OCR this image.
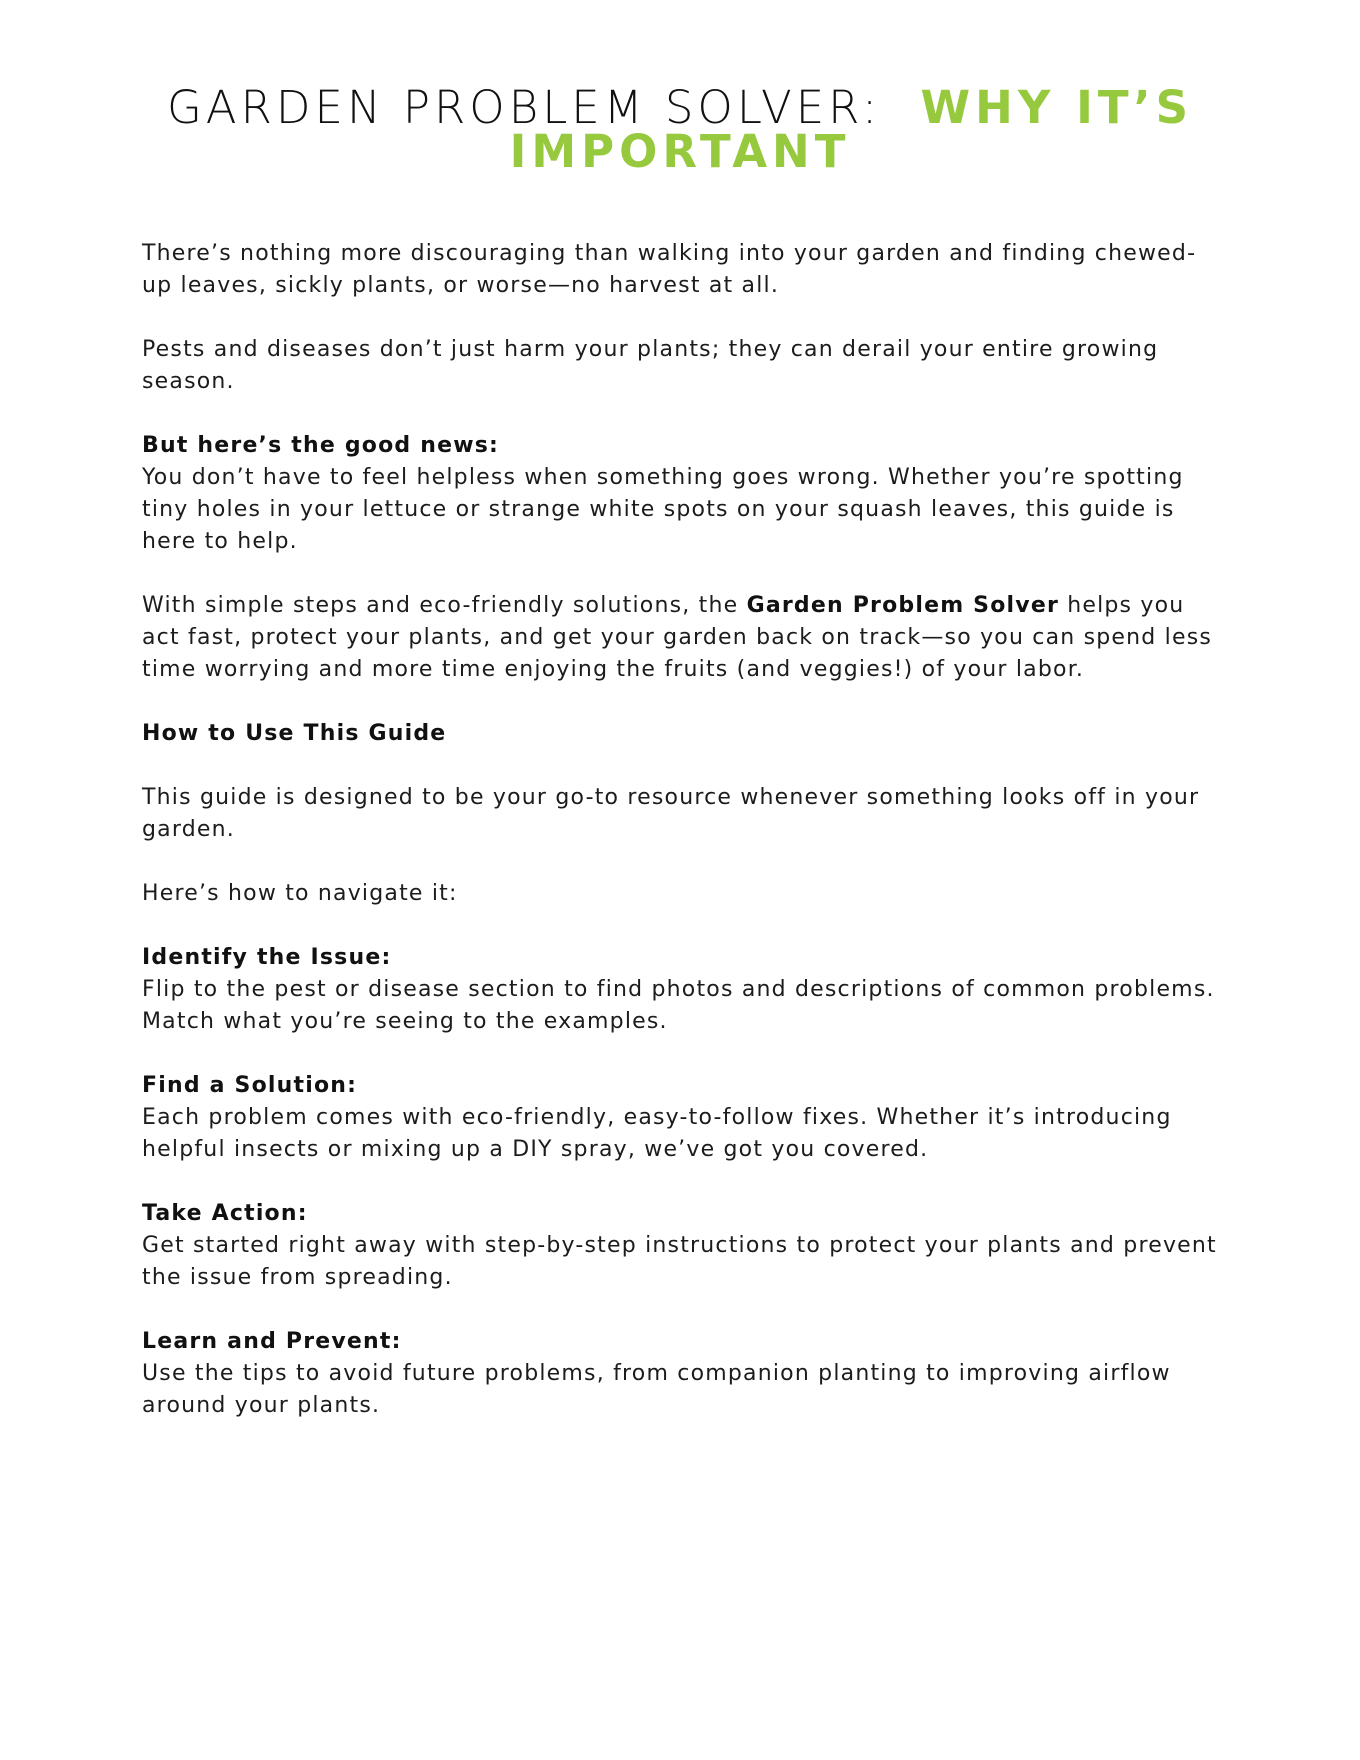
GARDEN PROBLEM SOLVER: WHY IT’S
IMPORTANT

There’s nothing more discouraging than walking into your garden and finding chewed-up leaves, sickly plants, or worse—no harvest at all.

Pests and diseases don’t just harm your plants; they can derail your entire growing season.

But here’s the good news:
You don’t have to feel helpless when something goes wrong. Whether you’re spotting tiny holes in your lettuce or strange white spots on your squash leaves, this guide is here to help.

With simple steps and eco-friendly solutions, the Garden Problem Solver helps you act fast, protect your plants, and get your garden back on track—so you can spend less time worrying and more time enjoying the fruits (and veggies!) of your labor.

How to Use This Guide

This guide is designed to be your go-to resource whenever something looks off in your garden.

Here’s how to navigate it:

Identify the Issue:
Flip to the pest or disease section to find photos and descriptions of common problems. Match what you’re seeing to the examples.

Find a Solution:
Each problem comes with eco-friendly, easy-to-follow fixes. Whether it’s introducing helpful insects or mixing up a DIY spray, we’ve got you covered.

Take Action:
Get started right away with step-by-step instructions to protect your plants and prevent the issue from spreading.

Learn and Prevent:
Use the tips to avoid future problems, from companion planting to improving airflow around your plants.
